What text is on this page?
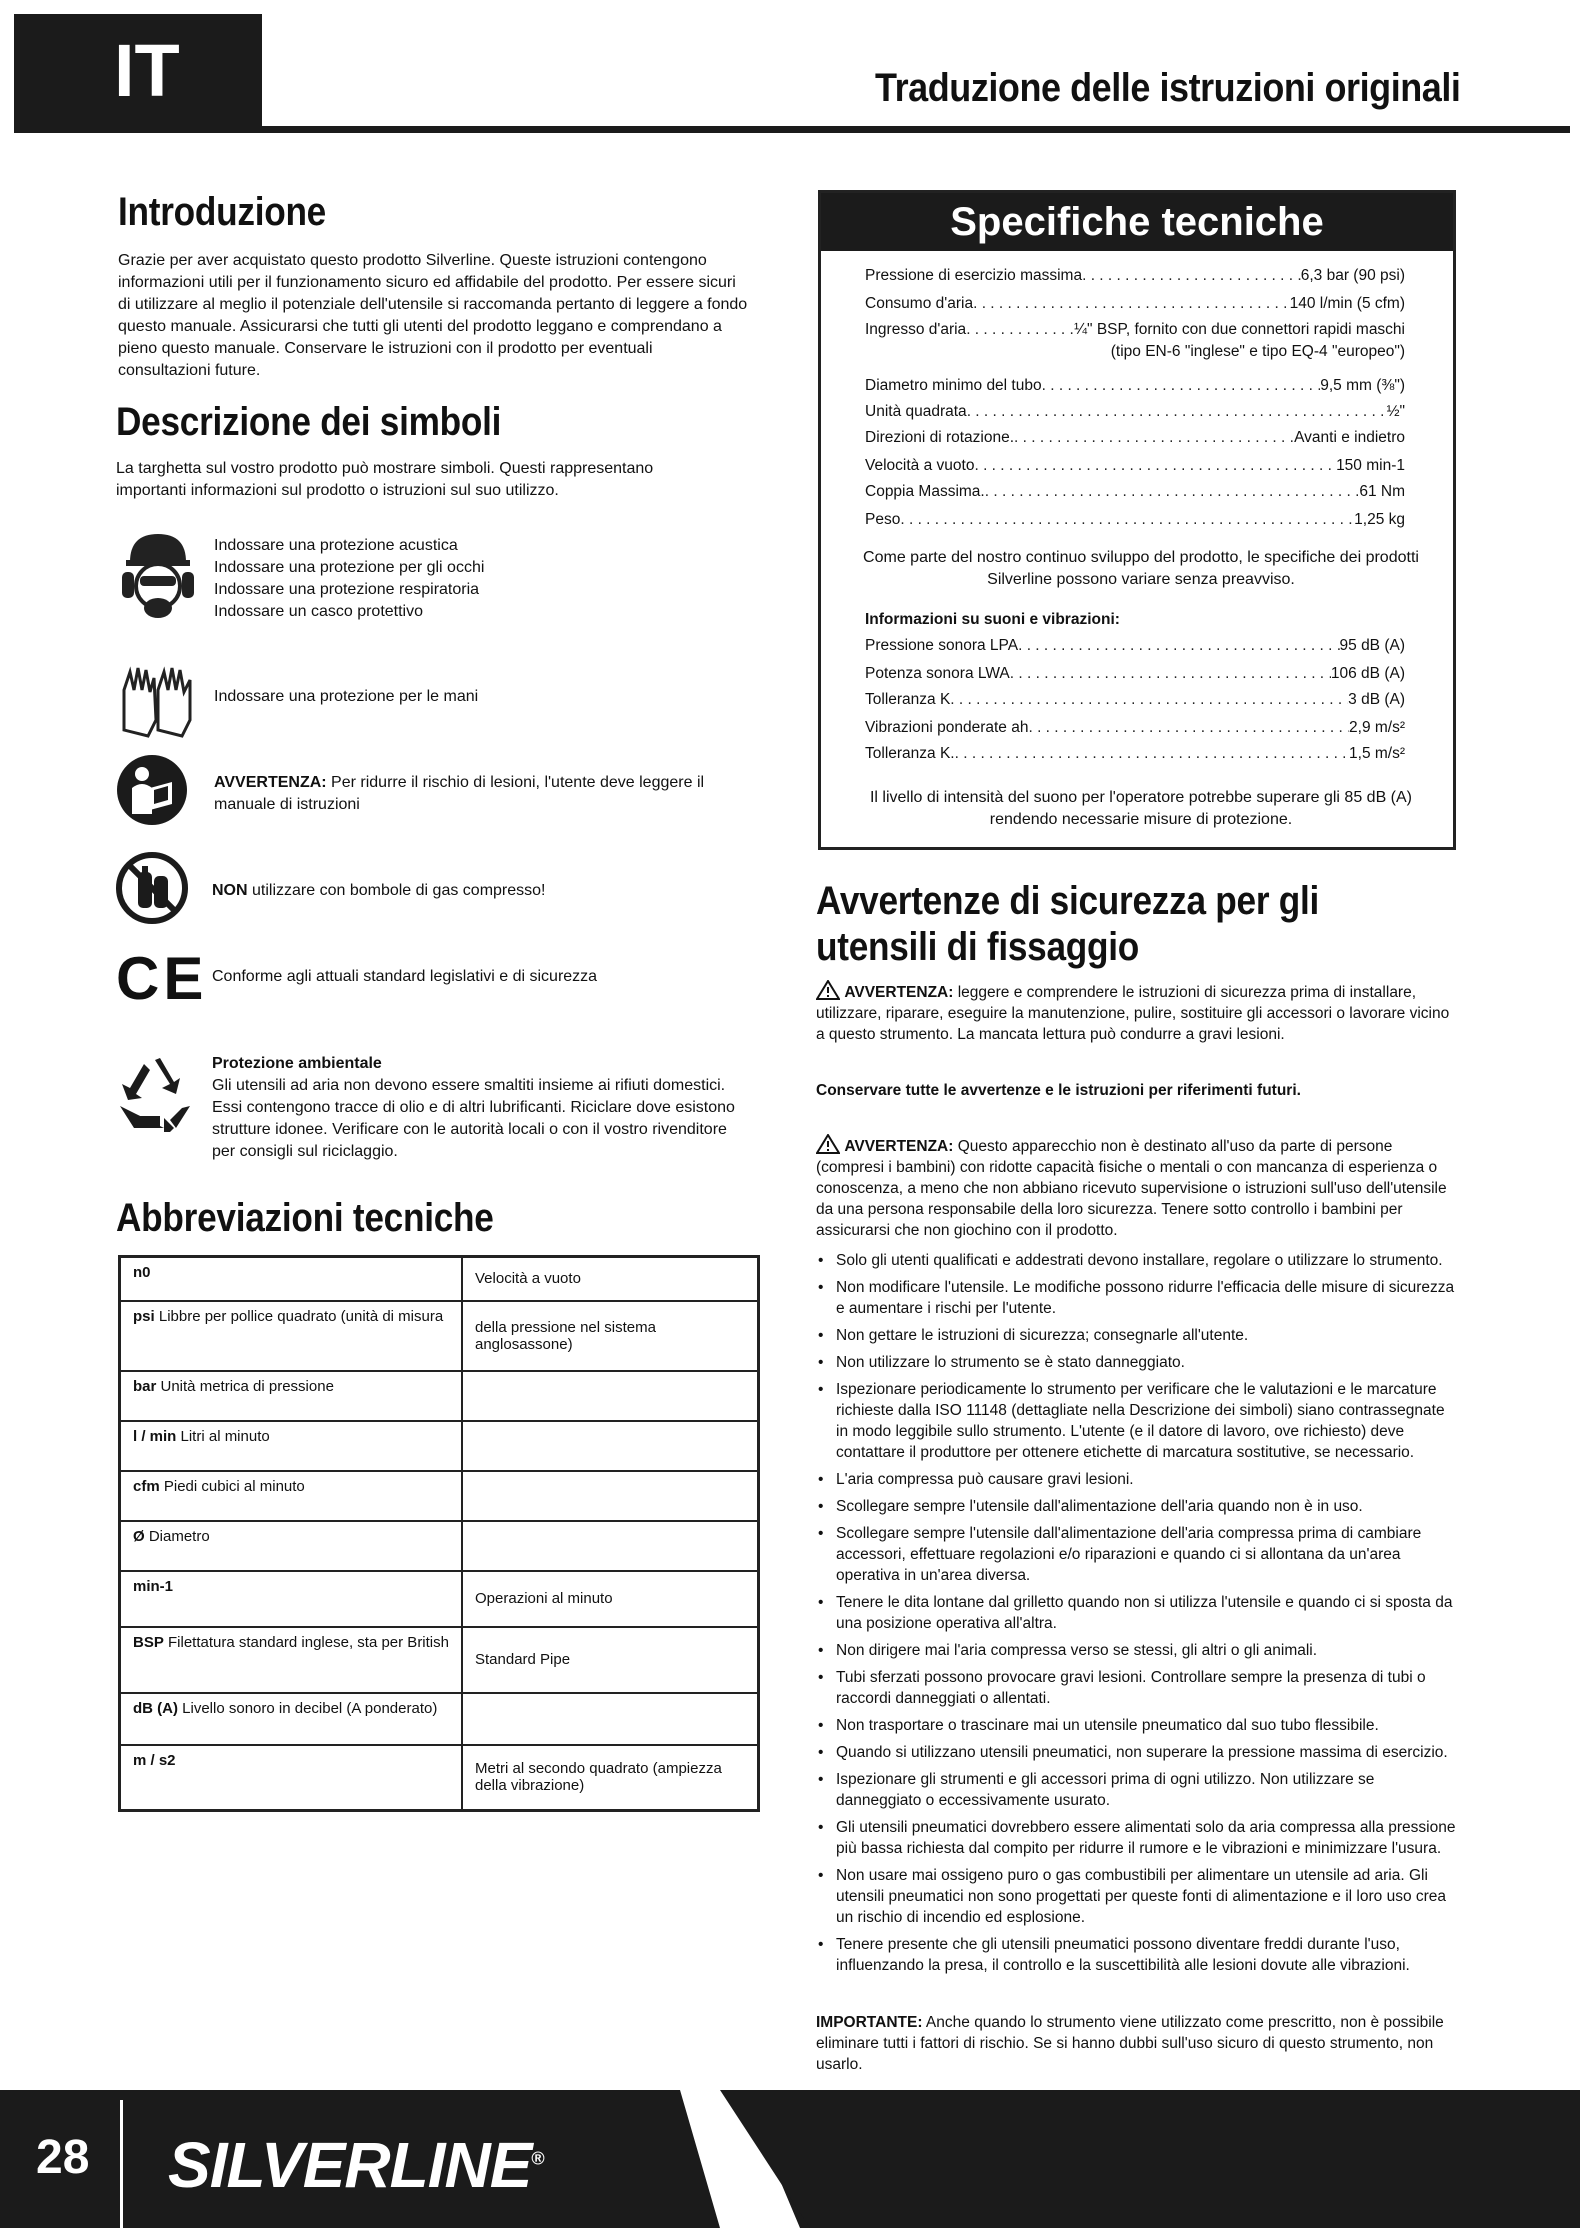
IT	Traduzione delle istruzioni originali
Introduzione

Grazie per aver acquistato questo prodotto Silverline. Queste istruzioni contengono informazioni utili per il funzionamento sicuro ed affidabile del prodotto. Per essere sicuri di utilizzare al meglio il potenziale dell'utensile si raccomanda pertanto di leggere a fondo questo manuale. Assicurarsi che tutti gli utenti del prodotto leggano e comprendano a pieno questo manuale. Conservare le istruzioni con il prodotto per eventuali consultazioni future.

Descrizione dei simboli

La targhetta sul vostro prodotto può mostrare simboli. Questi rappresentano importanti informazioni sul prodotto o istruzioni sul suo utilizzo.

Indossare una protezione acustica
Indossare una protezione per gli occhi
Indossare una protezione respiratoria
Indossare un casco protettivo
Indossare una protezione per le mani
AVVERTENZA: Per ridurre il rischio di lesioni, l'utente deve leggere il manuale di istruzioni
NON utilizzare con bombole di gas compresso!
CE Conforme agli attuali standard legislativi e di sicurezza
Protezione ambientale
Gli utensili ad aria non devono essere smaltiti insieme ai rifiuti domestici. Essi contengono tracce di olio e di altri lubrificanti. Riciclare dove esistono strutture idonee. Verificare con le autorità locali o con il vostro rivenditore per consigli sul riciclaggio.
Abbreviazioni tecniche
n0	Velocità a vuoto
psi Libbre per pollice quadrato (unità di misura	della pressione nel sistema anglosassone)
bar Unità metrica di pressione	
l / min Litri al minuto	
cfm Piedi cubici al minuto	
Ø Diametro	
min-1	Operazioni al minuto
BSP Filettatura standard inglese, sta per British	Standard Pipe
dB (A) Livello sonoro in decibel (A ponderato)	
m / s2	Metri al secondo quadrato (ampiezza della vibrazione)
Specifiche tecniche
Pressione di esercizio massima . . .	6,3 bar (90 psi)
Consumo d'aria . . .	140 l/min (5 cfm)
Ingresso d'aria . . .	¼" BSP, fornito con due connettori rapidi maschi
(tipo EN-6 "inglese" e tipo EQ-4 "europeo")
Diametro minimo del tubo . . .	9,5 mm (⅜")
Unità quadrata . . .	½"
Direzioni di rotazione. . . .	Avanti e indietro
Velocità a vuoto . . .	150 min-1
Coppia Massima. . . .	61 Nm
Peso . . .	1,25 kg
Come parte del nostro continuo sviluppo del prodotto, le specifiche dei prodotti Silverline possono variare senza preavviso.
Informazioni su suoni e vibrazioni:
Pressione sonora LPA . . .	95 dB (A)
Potenza sonora LWA . . .	106 dB (A)
Tolleranza K . . .	3 dB (A)
Vibrazioni ponderate ah . . .	2,9 m/s²
Tolleranza K. . . .	1,5 m/s²
Il livello di intensità del suono per l'operatore potrebbe superare gli 85 dB (A) rendendo necessarie misure di protezione.
Avvertenze di sicurezza per gli utensili di fissaggio
AVVERTENZA: leggere e comprendere le istruzioni di sicurezza prima di installare, utilizzare, riparare, eseguire la manutenzione, pulire, sostituire gli accessori o lavorare vicino a questo strumento. La mancata lettura può condurre a gravi lesioni.
Conservare tutte le avvertenze e le istruzioni per riferimenti futuri.
AVVERTENZA: Questo apparecchio non è destinato all'uso da parte di persone (compresi i bambini) con ridotte capacità fisiche o mentali o con mancanza di esperienza o conoscenza, a meno che non abbiano ricevuto supervisione o istruzioni sull'uso dell'utensile da una persona responsabile della loro sicurezza. Tenere sotto controllo i bambini per assicurarsi che non giochino con il prodotto.
• Solo gli utenti qualificati e addestrati devono installare, regolare o utilizzare lo strumento.
• Non modificare l'utensile. Le modifiche possono ridurre l'efficacia delle misure di sicurezza e aumentare i rischi per l'utente.
• Non gettare le istruzioni di sicurezza; consegnarle all'utente.
• Non utilizzare lo strumento se è stato danneggiato.
• Ispezionare periodicamente lo strumento per verificare che le valutazioni e le marcature richieste dalla ISO 11148 (dettagliate nella Descrizione dei simboli) siano contrassegnate in modo leggibile sullo strumento. L'utente (e il datore di lavoro, ove richiesto) deve contattare il produttore per ottenere etichette di marcatura sostitutive, se necessario.
• L'aria compressa può causare gravi lesioni.
• Scollegare sempre l'utensile dall'alimentazione dell'aria quando non è in uso.
• Scollegare sempre l'utensile dall'alimentazione dell'aria compressa prima di cambiare accessori, effettuare regolazioni e/o riparazioni e quando ci si allontana da un'area operativa in un'area diversa.
• Tenere le dita lontane dal grilletto quando non si utilizza l'utensile e quando ci si sposta da una posizione operativa all'altra.
• Non dirigere mai l'aria compressa verso se stessi, gli altri o gli animali.
• Tubi sferzati possono provocare gravi lesioni. Controllare sempre la presenza di tubi o raccordi danneggiati o allentati.
• Non trasportare o trascinare mai un utensile pneumatico dal suo tubo flessibile.
• Quando si utilizzano utensili pneumatici, non superare la pressione massima di esercizio.
• Ispezionare gli strumenti e gli accessori prima di ogni utilizzo. Non utilizzare se danneggiato o eccessivamente usurato.
• Gli utensili pneumatici dovrebbero essere alimentati solo da aria compressa alla pressione più bassa richiesta dal compito per ridurre il rumore e le vibrazioni e minimizzare l'usura.
• Non usare mai ossigeno puro o gas combustibili per alimentare un utensile ad aria. Gli utensili pneumatici non sono progettati per queste fonti di alimentazione e il loro uso crea un rischio di incendio ed esplosione.
• Tenere presente che gli utensili pneumatici possono diventare freddi durante l'uso, influenzando la presa, il controllo e la suscettibilità alle lesioni dovute alle vibrazioni.
IMPORTANTE: Anche quando lo strumento viene utilizzato come prescritto, non è possibile eliminare tutti i fattori di rischio. Se si hanno dubbi sull'uso sicuro di questo strumento, non usarlo.
28 SILVERLINE®
